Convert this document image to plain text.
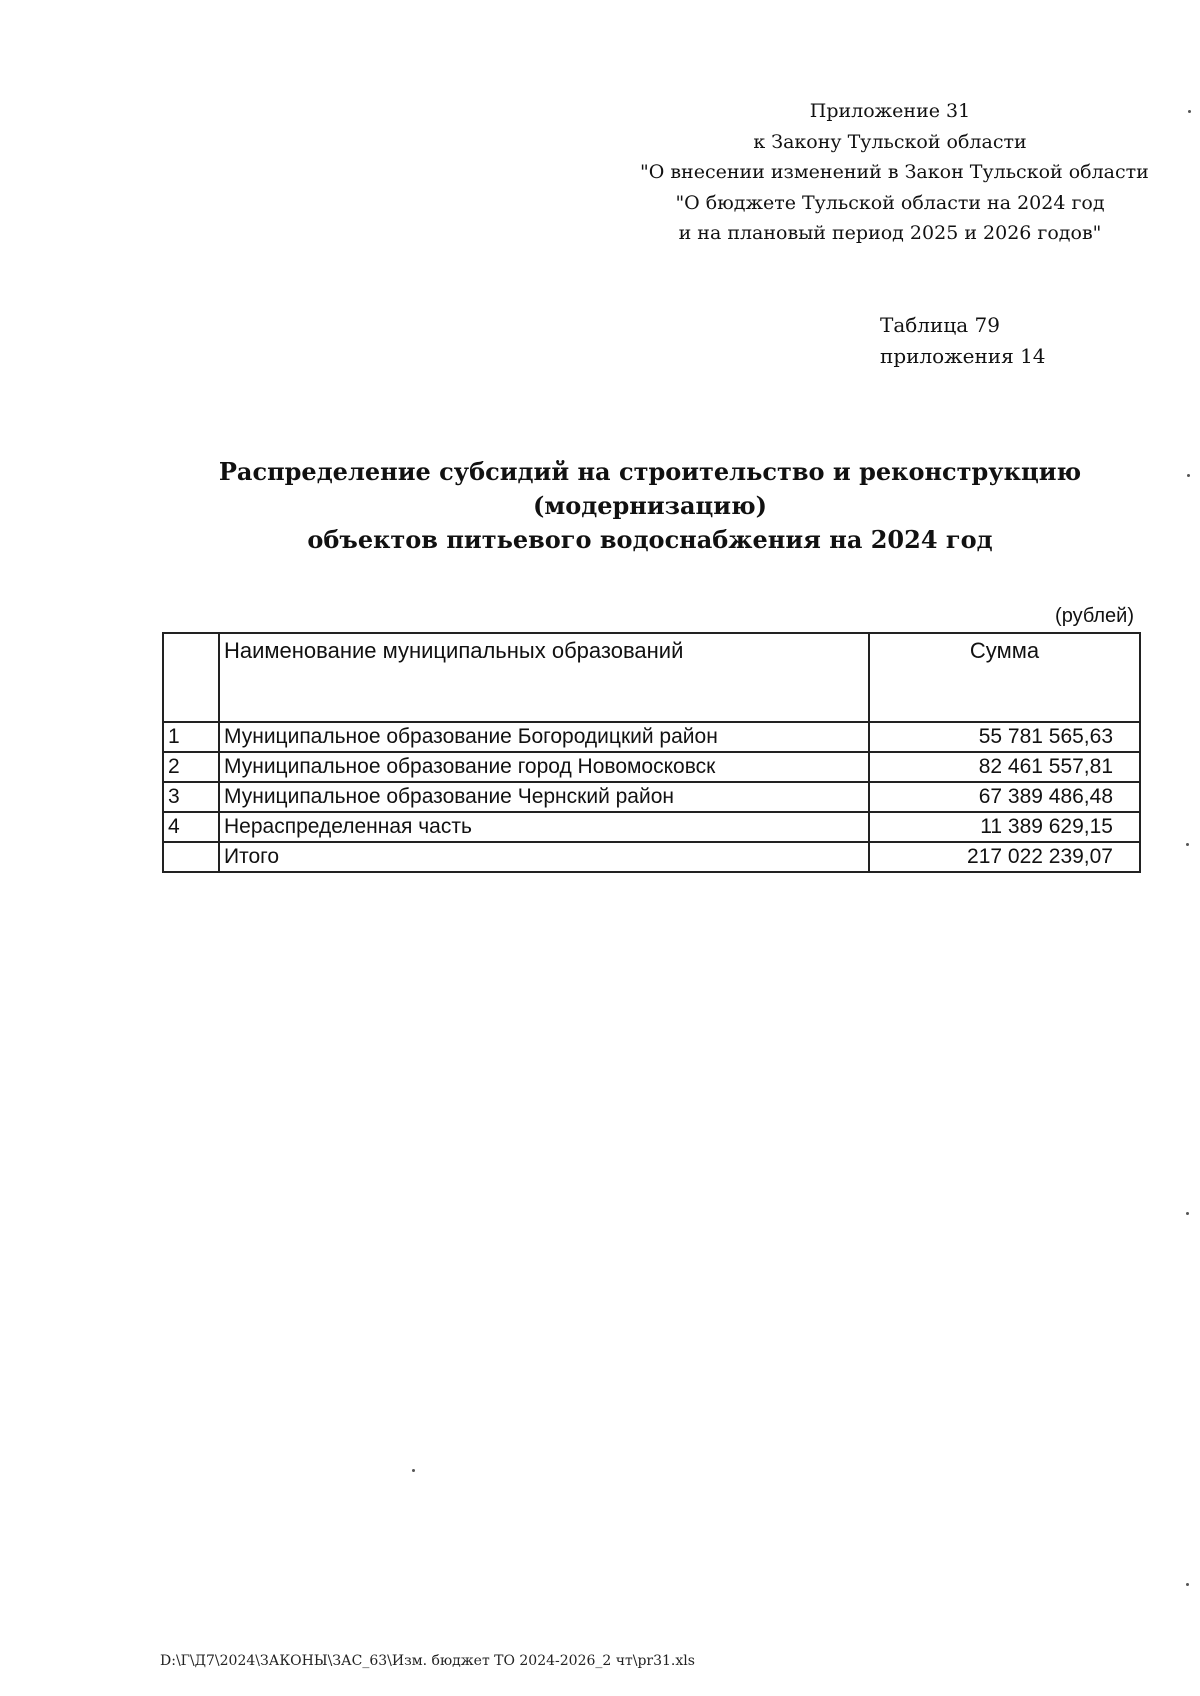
Приложение 31
к Закону Тульской области
"О внесении изменений в Закон Тульской области
"О бюджете Тульской области на 2024 год
и на плановый период 2025 и 2026 годов"
Таблица 79
приложения 14
Распределение субсидий на строительство и реконструкцию (модернизацию)
объектов питьевого водоснабжения на 2024 год
(рублей)
	Наименование муниципальных образований	Сумма
1	Муниципальное образование Богородицкий район	55 781 565,63
2	Муниципальное образование город Новомосковск	82 461 557,81
3	Муниципальное образование Чернский район	67 389 486,48
4	Нераспределенная часть	11 389 629,15
	Итого	217 022 239,07
D:\Г\Д7\2024\ЗАКОНЫ\ЗАС_63\Изм. бюджет ТО 2024-2026_2 чт\pr31.xls
